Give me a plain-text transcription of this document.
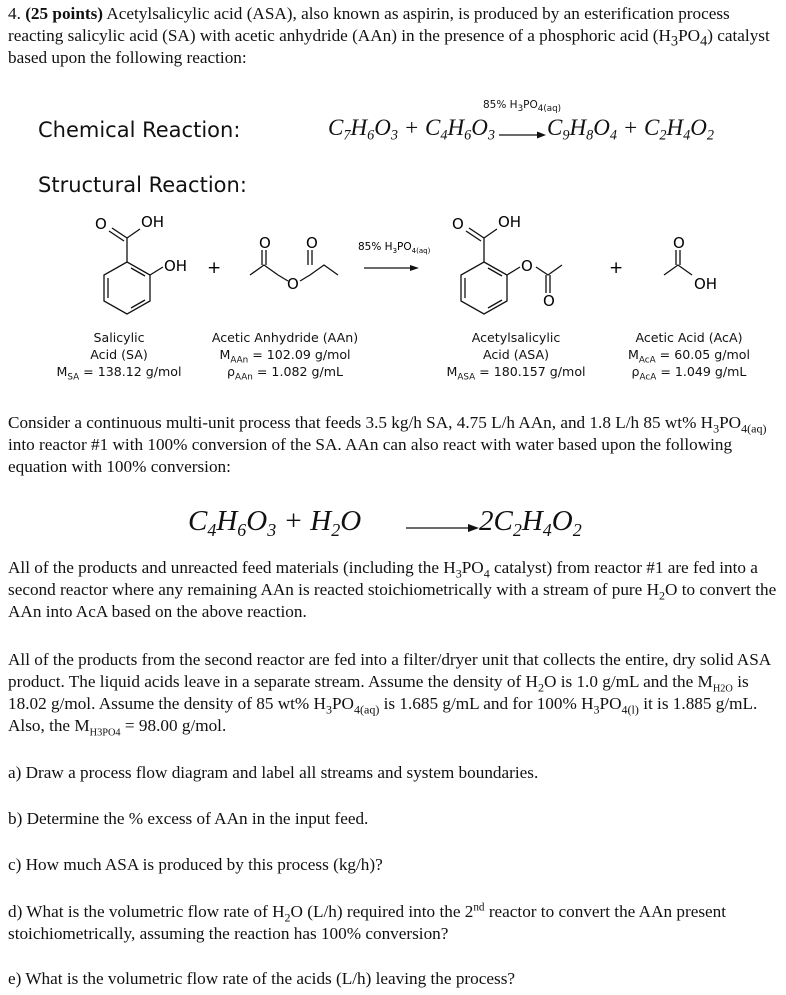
4. (25 points) Acetylsalicylic acid (ASA), also known as aspirin, is produced by an esterification process reacting salicylic acid (SA) with acetic anhydride (AAn) in the presence of a phosphoric acid $(H_3PO_4)$ catalyst based upon the following reaction:
Chemical Reaction:
85% $H_3PO_{4(aq)}$
$C_7H_6O_3 + C_4H_6O_3$ $C_9H_8O_4 + C_2H_4O_2$
Structural Reaction:
O OH
OH +
O O
O
85% $H_3PO_{4(aq)}$
O OH
O
O
+
O
OH
Salicylic
Acid (SA)
$M_{SA} = 138.12$ g/mol
Acetic Anhydride (AAn)
$M_{AAn} = 102.09$ g/mol
$\rho_{AAn} = 1.082$ g/mL
Acetylsalicylic
Acid (ASA)
$M_{ASA} = 180.157$ g/mol
Acetic Acid (AcA)
$M_{AcA} = 60.05$ g/mol
$\rho_{AcA} = 1.049$ g/mL
Consider a continuous multi-unit process that feeds 3.5 kg/h SA, 4.75 L/h AAn, and 1.8 L/h 85 wt% $H_3PO_{4(aq)}$ into reactor #1 with 100% conversion of the SA. AAn can also react with water based upon the following equation with 100% conversion:
$C_4H_6O_3 + H_2O$	$2C_2H_4O_2$
All of the products and unreacted feed materials (including the $H_3PO_4$ catalyst) from reactor #1 are fed into a second reactor where any remaining AAn is reacted stoichiometrically with a stream of pure $H_2O$ to convert the AAn into AcA based on the above reaction.
All of the products from the second reactor are fed into a filter/dryer unit that collects the entire, dry solid ASA product. The liquid acids leave in a separate stream. Assume the density of $H_2O$ is 1.0 g/mL and the $M_{H2O}$ is 18.02 g/mol. Assume the density of 85 wt% $H_3PO_{4(aq)}$ is 1.685 g/mL and for 100% $H_3PO_{4(l)}$ it is 1.885 g/mL. Also, the $M_{H3PO4} = 98.00$ g/mol.
a) Draw a process flow diagram and label all streams and system boundaries.
b) Determine the % excess of AAn in the input feed.
c) How much ASA is produced by this process (kg/h)?
d) What is the volumetric flow rate of $H_2O$ (L/h) required into the 2nd reactor to convert the AAn present stoichiometrically, assuming the reaction has 100% conversion?
e) What is the volumetric flow rate of the acids (L/h) leaving the process?
